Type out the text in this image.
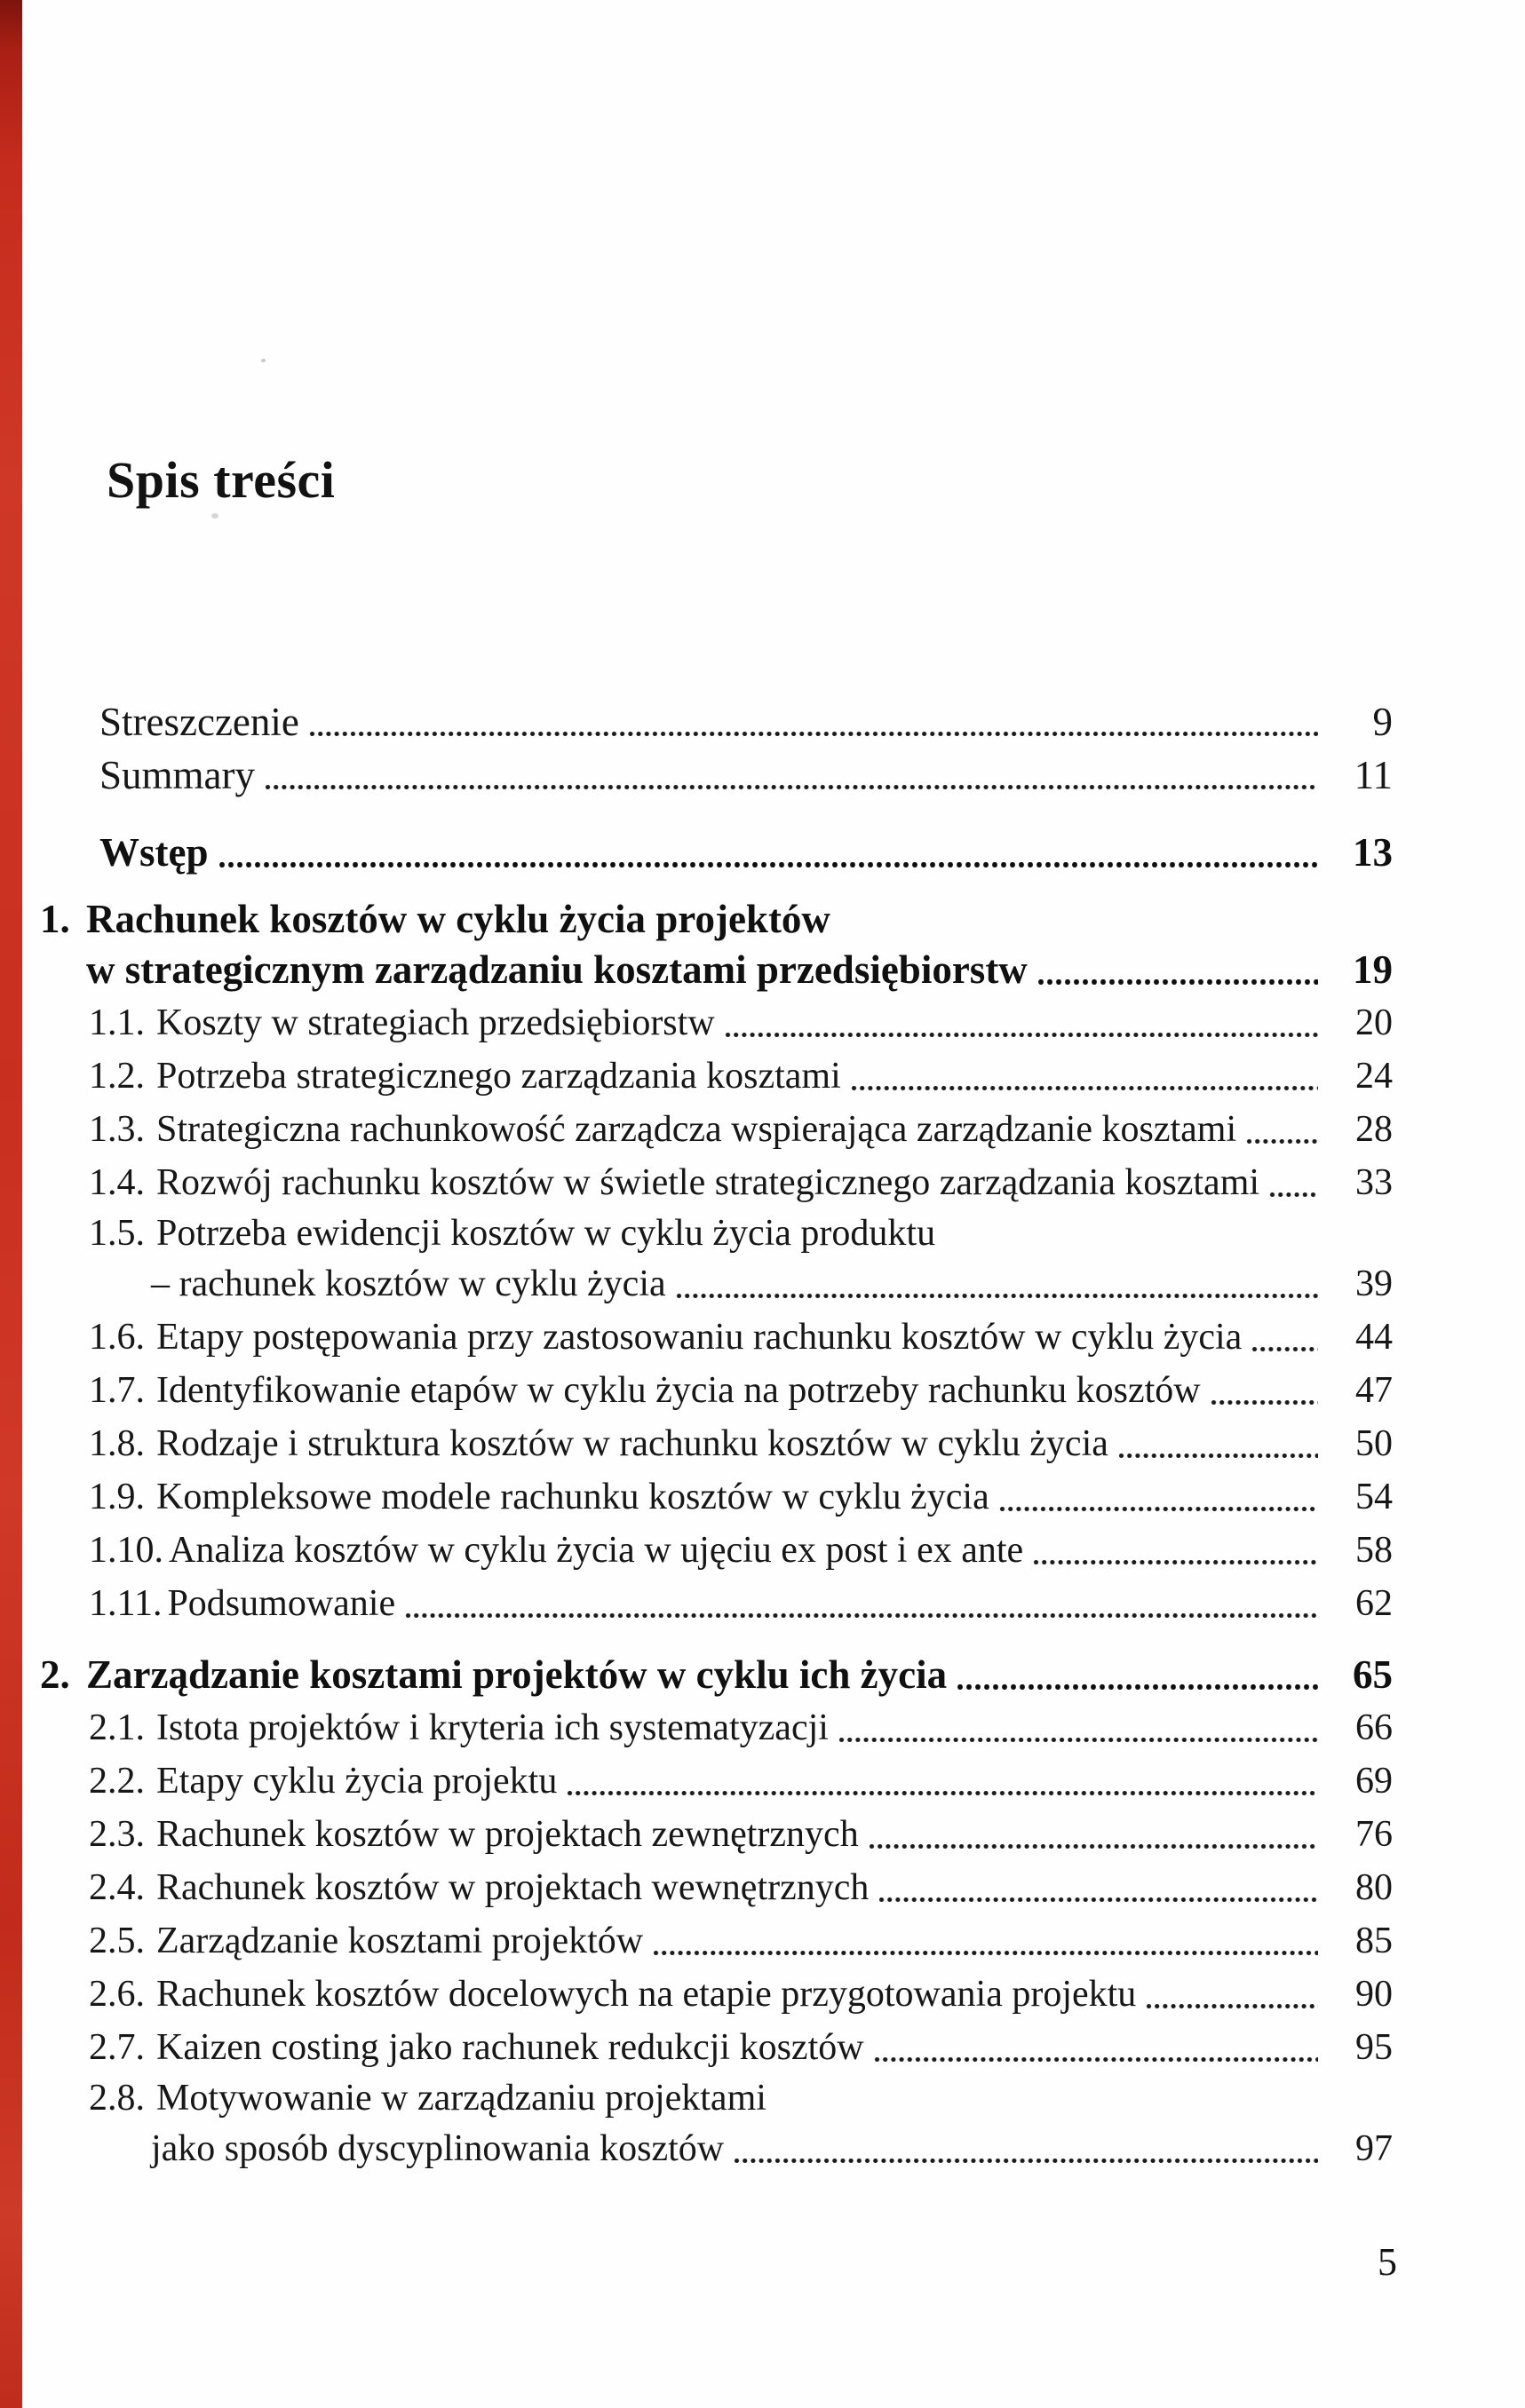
Spis treści
Streszczenie	9
Summary	11
Wstęp	13
1. Rachunek kosztów w cyklu życia projektów
w strategicznym zarządzaniu kosztami przedsiębiorstw	19
1.1. Koszty w strategiach przedsiębiorstw	20
1.2. Potrzeba strategicznego zarządzania kosztami	24
1.3. Strategiczna rachunkowość zarządcza wspierająca zarządzanie kosztami	28
1.4. Rozwój rachunku kosztów w świetle strategicznego zarządzania kosztami	33
1.5. Potrzeba ewidencji kosztów w cyklu życia produktu
– rachunek kosztów w cyklu życia	39
1.6. Etapy postępowania przy zastosowaniu rachunku kosztów w cyklu życia	44
1.7. Identyfikowanie etapów w cyklu życia na potrzeby rachunku kosztów	47
1.8. Rodzaje i struktura kosztów w rachunku kosztów w cyklu życia	50
1.9. Kompleksowe modele rachunku kosztów w cyklu życia	54
1.10. Analiza kosztów w cyklu życia w ujęciu ex post i ex ante	58
1.11. Podsumowanie	62
2. Zarządzanie kosztami projektów w cyklu ich życia	65
2.1. Istota projektów i kryteria ich systematyzacji	66
2.2. Etapy cyklu życia projektu	69
2.3. Rachunek kosztów w projektach zewnętrznych	76
2.4. Rachunek kosztów w projektach wewnętrznych	80
2.5. Zarządzanie kosztami projektów	85
2.6. Rachunek kosztów docelowych na etapie przygotowania projektu	90
2.7. Kaizen costing jako rachunek redukcji kosztów	95
2.8. Motywowanie w zarządzaniu projektami
jako sposób dyscyplinowania kosztów	97
5
